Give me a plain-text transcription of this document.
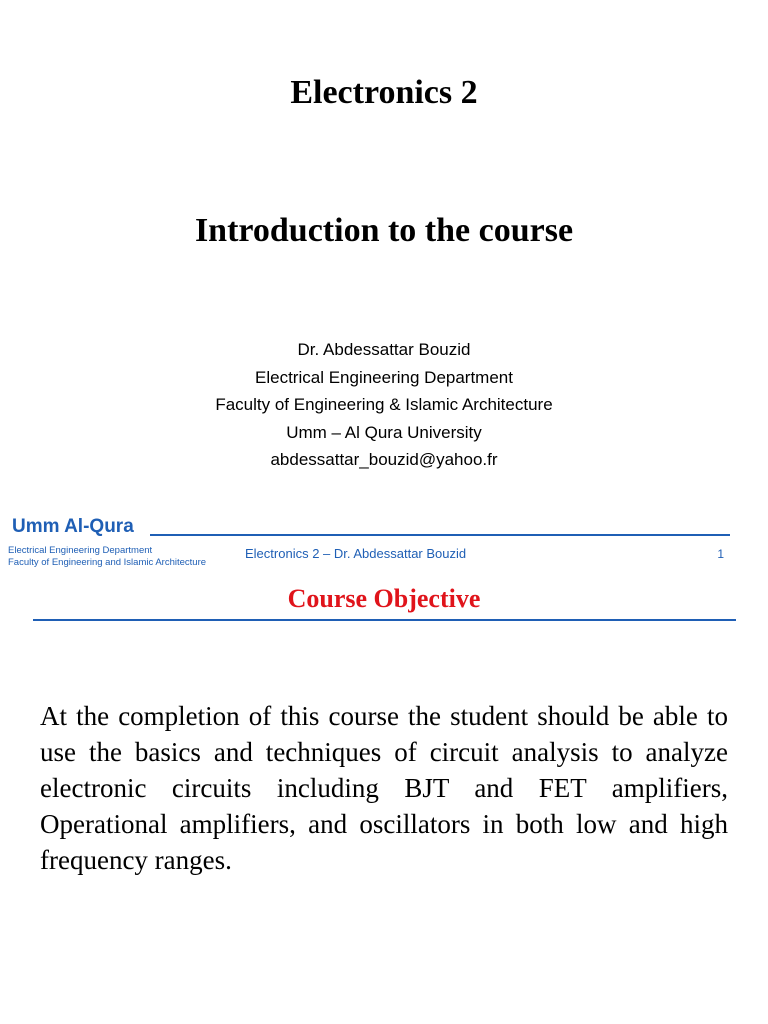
Electronics 2
Introduction to the course
Dr. Abdessattar Bouzid
Electrical Engineering Department
Faculty of Engineering & Islamic Architecture
Umm – Al Qura University
abdessattar_bouzid@yahoo.fr
Umm Al-Qura
Electrical Engineering Department
Faculty of Engineering and Islamic Architecture
Electronics 2 – Dr. Abdessattar Bouzid	1
Course Objective

At the completion of this course the student should be able to use the basics and techniques of circuit analysis to analyze electronic circuits including BJT and FET amplifiers, Operational amplifiers, and oscillators in both low and high frequency ranges.
